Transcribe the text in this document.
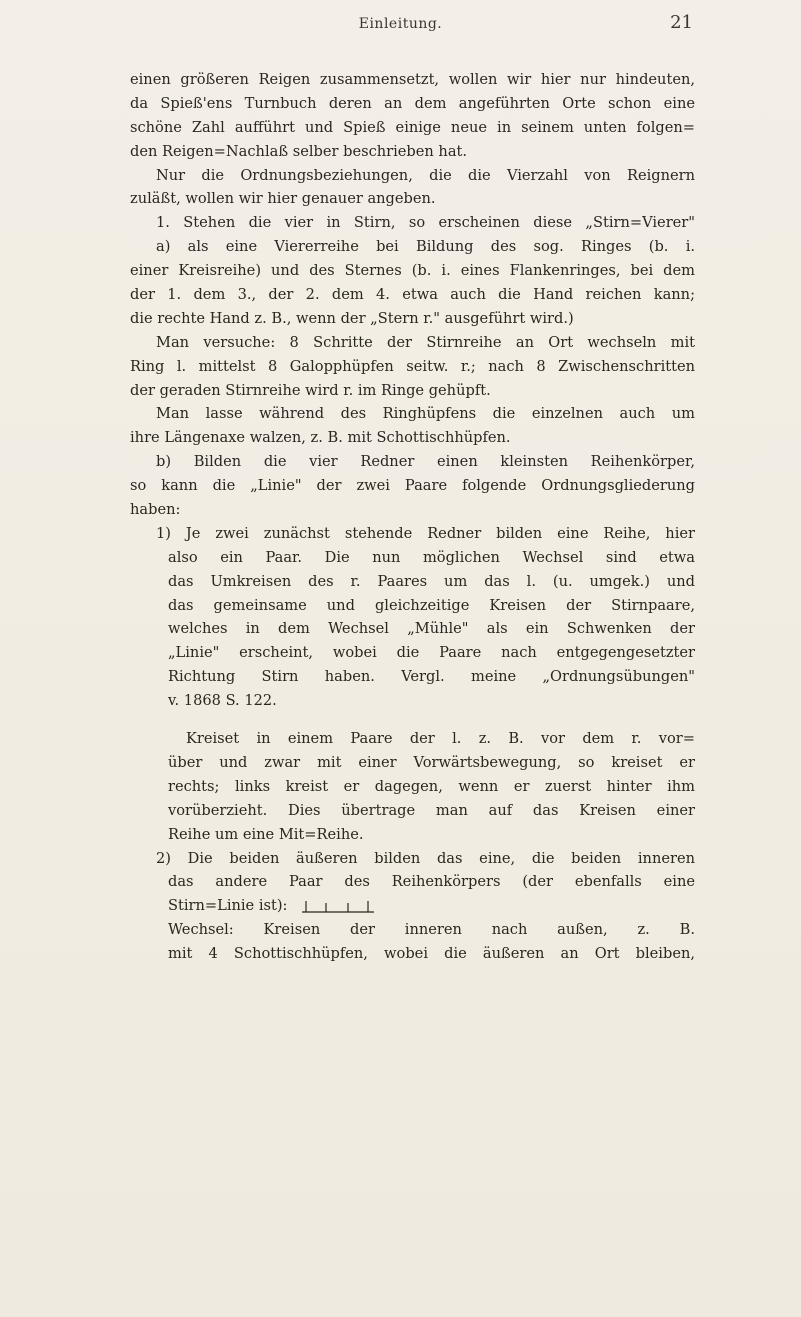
Einleitung.	21
einen größeren Reigen zusammensetzt, wollen wir hier nur hindeuten,
da Spieß'ens Turnbuch deren an dem angeführten Orte schon eine
schöne Zahl aufführt und Spieß einige neue in seinem unten folgen=
den Reigen=Nachlaß selber beschrieben hat.
Nur die Ordnungsbeziehungen, die die Vierzahl von Reignern
zuläßt, wollen wir hier genauer angeben.
1. Stehen die vier in Stirn, so erscheinen diese „Stirn=Vierer"
a) als eine Viererreihe bei Bildung des sog. Ringes (b. i.
einer Kreisreihe) und des Sternes (b. i. eines Flankenringes, bei dem
der 1. dem 3., der 2. dem 4. etwa auch die Hand reichen kann;
die rechte Hand z. B., wenn der „Stern r." ausgeführt wird.)
Man versuche: 8 Schritte der Stirnreihe an Ort wechseln mit
Ring l. mittelst 8 Galopphüpfen seitw. r.; nach 8 Zwischenschritten
der geraden Stirnreihe wird r. im Ringe gehüpft.
Man lasse während des Ringhüpfens die einzelnen auch um
ihre Längenaxe walzen, z. B. mit Schottischhüpfen.
b) Bilden die vier Redner einen kleinsten Reihenkörper,
so kann die „Linie" der zwei Paare folgende Ordnungsgliederung
haben:
1) Je zwei zunächst stehende Redner bilden eine Reihe, hier
also ein Paar. Die nun möglichen Wechsel sind etwa
das Umkreisen des r. Paares um das l. (u. umgek.) und
das gemeinsame und gleichzeitige Kreisen der Stirnpaare,
welches in dem Wechsel „Mühle" als ein Schwenken der
„Linie" erscheint, wobei die Paare nach entgegengesetzter
Richtung Stirn haben. Vergl. meine „Ordnungsübungen"
v. 1868 S. 122.
Kreiset in einem Paare der l. z. B. vor dem r. vor=
über und zwar mit einer Vorwärtsbewegung, so kreiset er
rechts; links kreist er dagegen, wenn er zuerst hinter ihm
vorüberzieht. Dies übertrage man auf das Kreisen einer
Reihe um eine Mit=Reihe.
2) Die beiden äußeren bilden das eine, die beiden inneren
das andere Paar des Reihenkörpers (der ebenfalls eine
Stirn=Linie ist):
Wechsel: Kreisen der inneren nach außen, z. B.
mit 4 Schottischhüpfen, wobei die äußeren an Ort bleiben,
